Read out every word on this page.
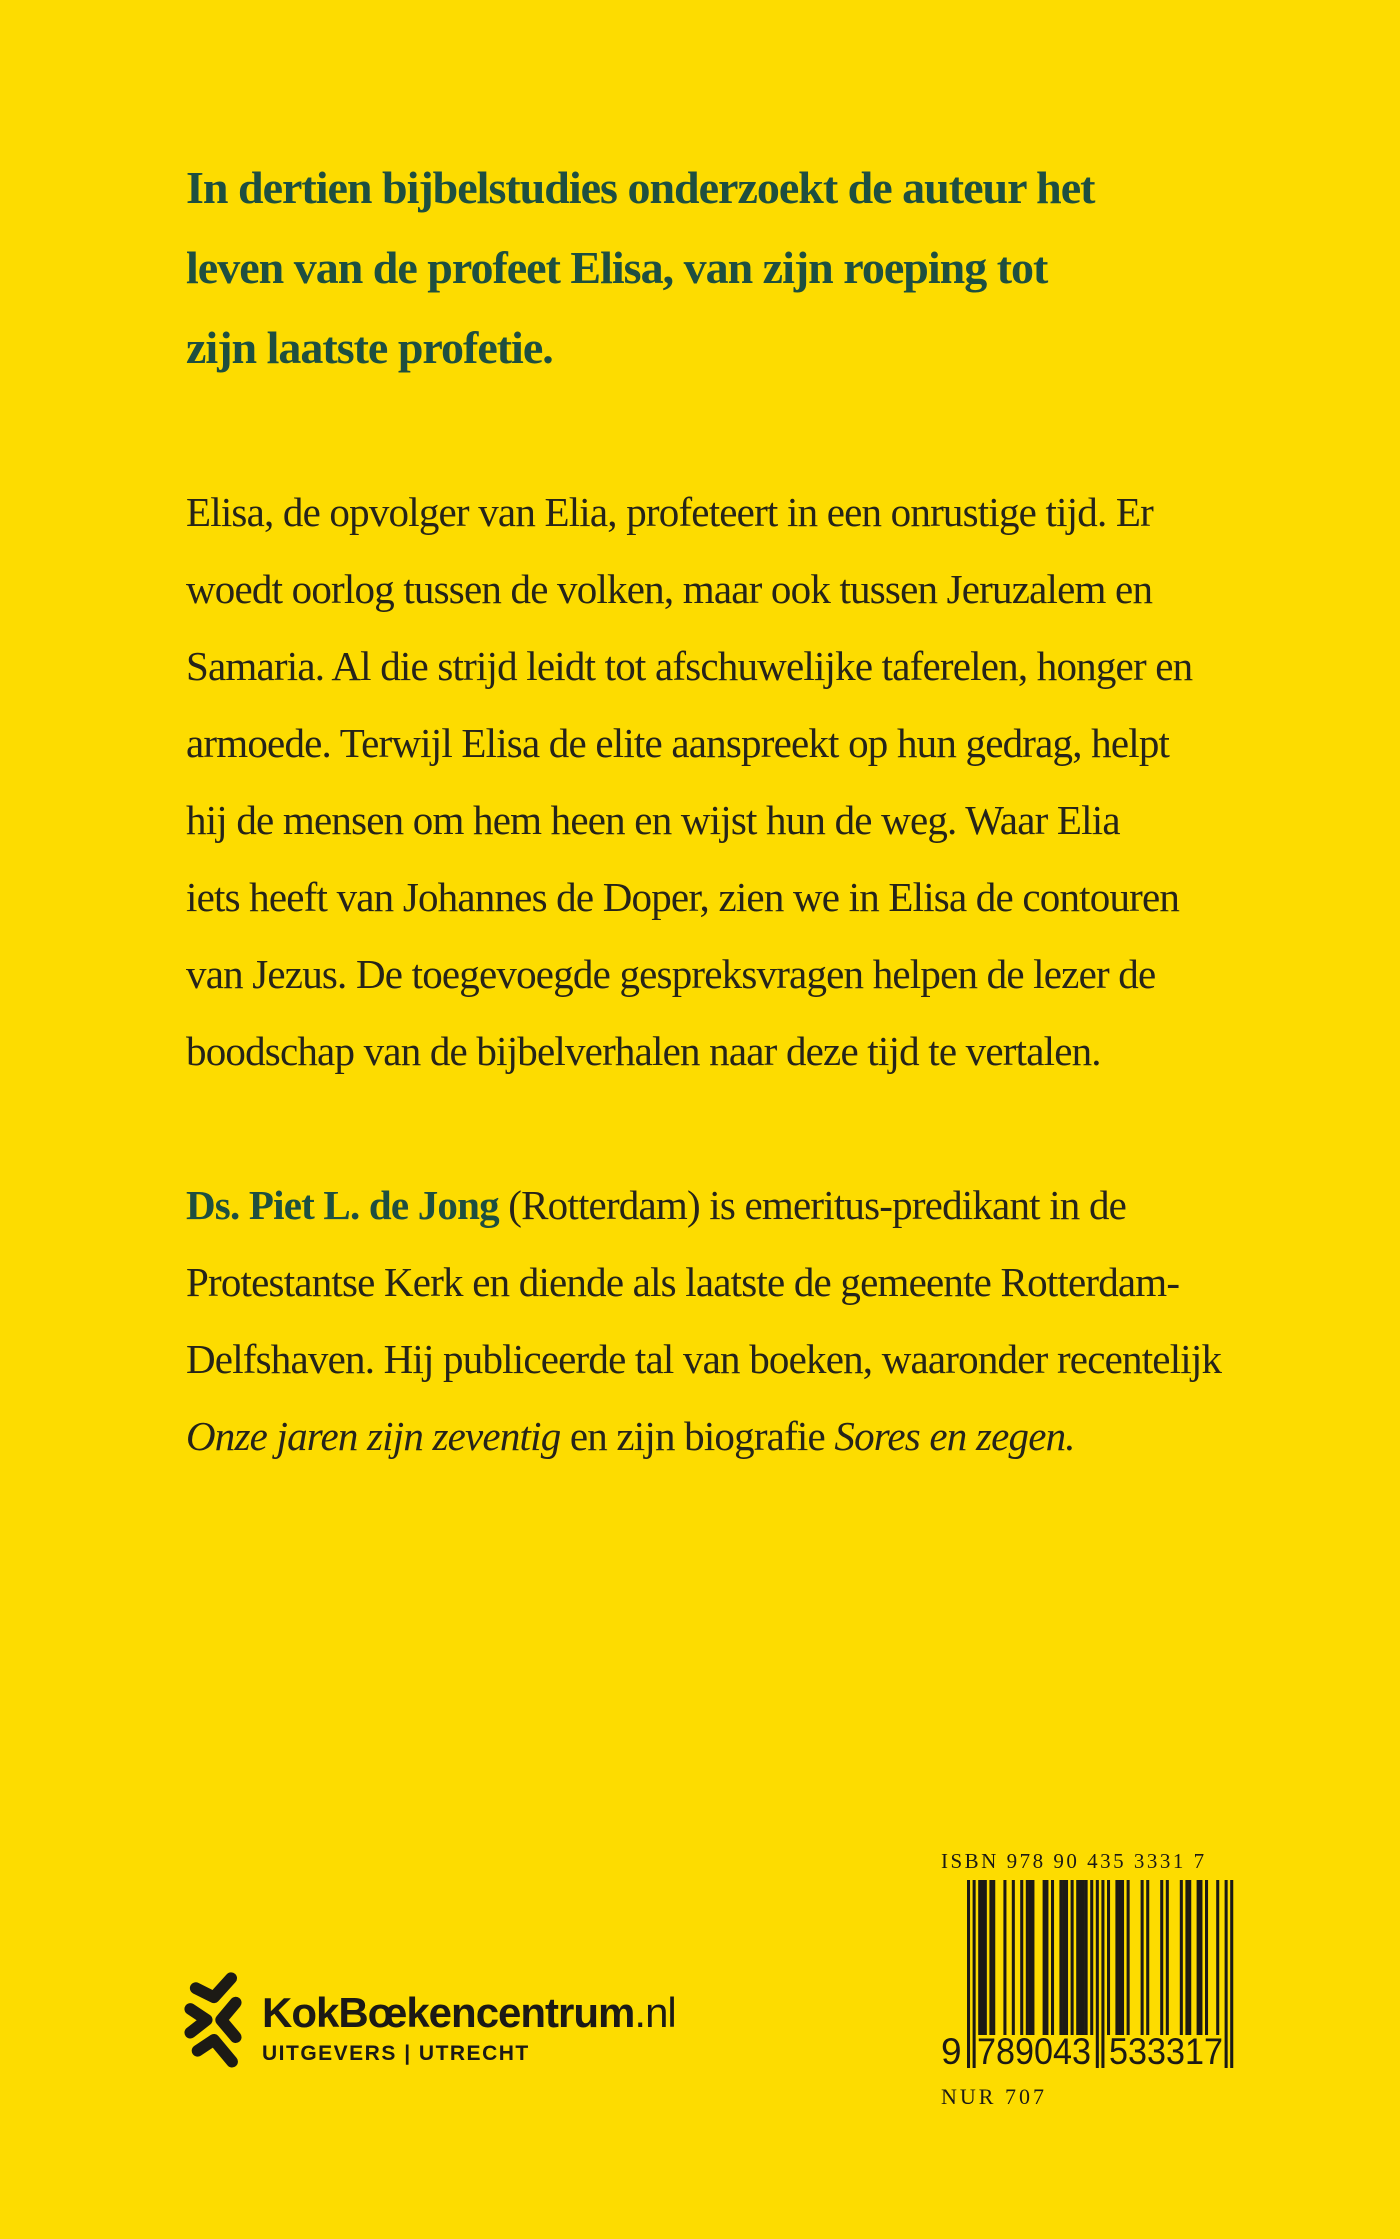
In dertien bijbelstudies onderzoekt de auteur het
leven van de profeet Elisa, van zijn roeping tot
zijn laatste profetie.
Elisa, de opvolger van Elia, profeteert in een onrustige tijd. Er
woedt oorlog tussen de volken, maar ook tussen Jeruzalem en
Samaria. Al die strijd leidt tot afschuwelijke taferelen, honger en
armoede. Terwijl Elisa de elite aanspreekt op hun gedrag, helpt
hij de mensen om hem heen en wijst hun de weg. Waar Elia
iets heeft van Johannes de Doper, zien we in Elisa de contouren
van Jezus. De toegevoegde gespreksvragen helpen de lezer de
boodschap van de bijbelverhalen naar deze tijd te vertalen.
Ds. Piet L. de Jong (Rotterdam) is emeritus-predikant in de
Protestantse Kerk en diende als laatste de gemeente Rotterdam-
Delfshaven. Hij publiceerde tal van boeken, waaronder recentelijk
Onze jaren zijn zeventig en zijn biografie Sores en zegen.
KokBœkencentrum.nl
UITGEVERS | UTRECHT
ISBN 978 90 435 3331 7
9 789043 533317
NUR 707
